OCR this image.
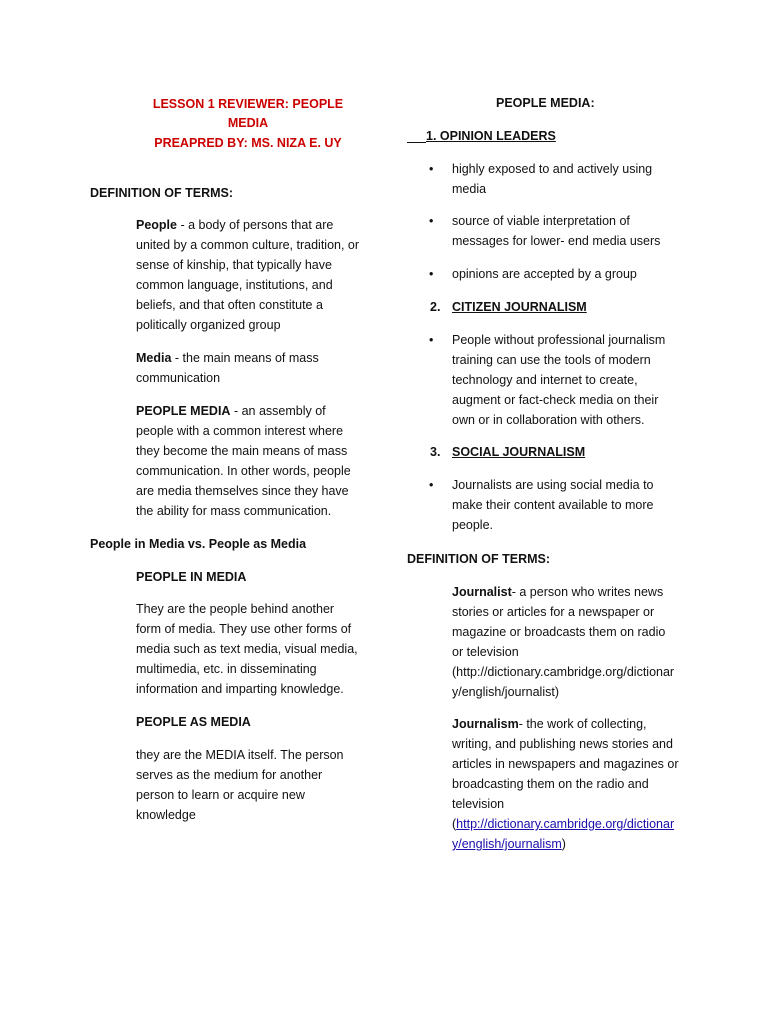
LESSON 1 REVIEWER: PEOPLE
MEDIA
PREAPRED BY: MS. NIZA E. UY
DEFINITION OF TERMS:

People - a body of persons that are united by a common culture, tradition, or sense of kinship, that typically have common language, institutions, and beliefs, and that often constitute a politically organized group

Media - the main means of mass communication

PEOPLE MEDIA - an assembly of people with a common interest where they become the main means of mass communication. In other words, people are media themselves since they have the ability for mass communication.

People in Media vs. People as Media
PEOPLE IN MEDIA

They are the people behind another form of media. They use other forms of media such as text media, visual media, multimedia, etc. in disseminating information and imparting knowledge.

PEOPLE AS MEDIA

they are the MEDIA itself. The person serves as the medium for another person to learn or acquire new knowledge

PEOPLE MEDIA:
1. OPINION LEADERS
• highly exposed to and actively using media
• source of viable interpretation of messages for lower- end media users
• opinions are accepted by a group
2. CITIZEN JOURNALISM
• People without professional journalism training can use the tools of modern technology and internet to create, augment or fact-check media on their own or in collaboration with others.
3. SOCIAL JOURNALISM
• Journalists are using social media to make their content available to more people.
DEFINITION OF TERMS:

Journalist- a person who writes news stories or articles for a newspaper or magazine or broadcasts them on radio or television (http://dictionary.cambridge.org/dictionary/english/journalist)

Journalism- the work of collecting, writing, and publishing news stories and articles in newspapers and magazines or broadcasting them on the radio and television (http://dictionary.cambridge.org/dictionary/english/journalism)
